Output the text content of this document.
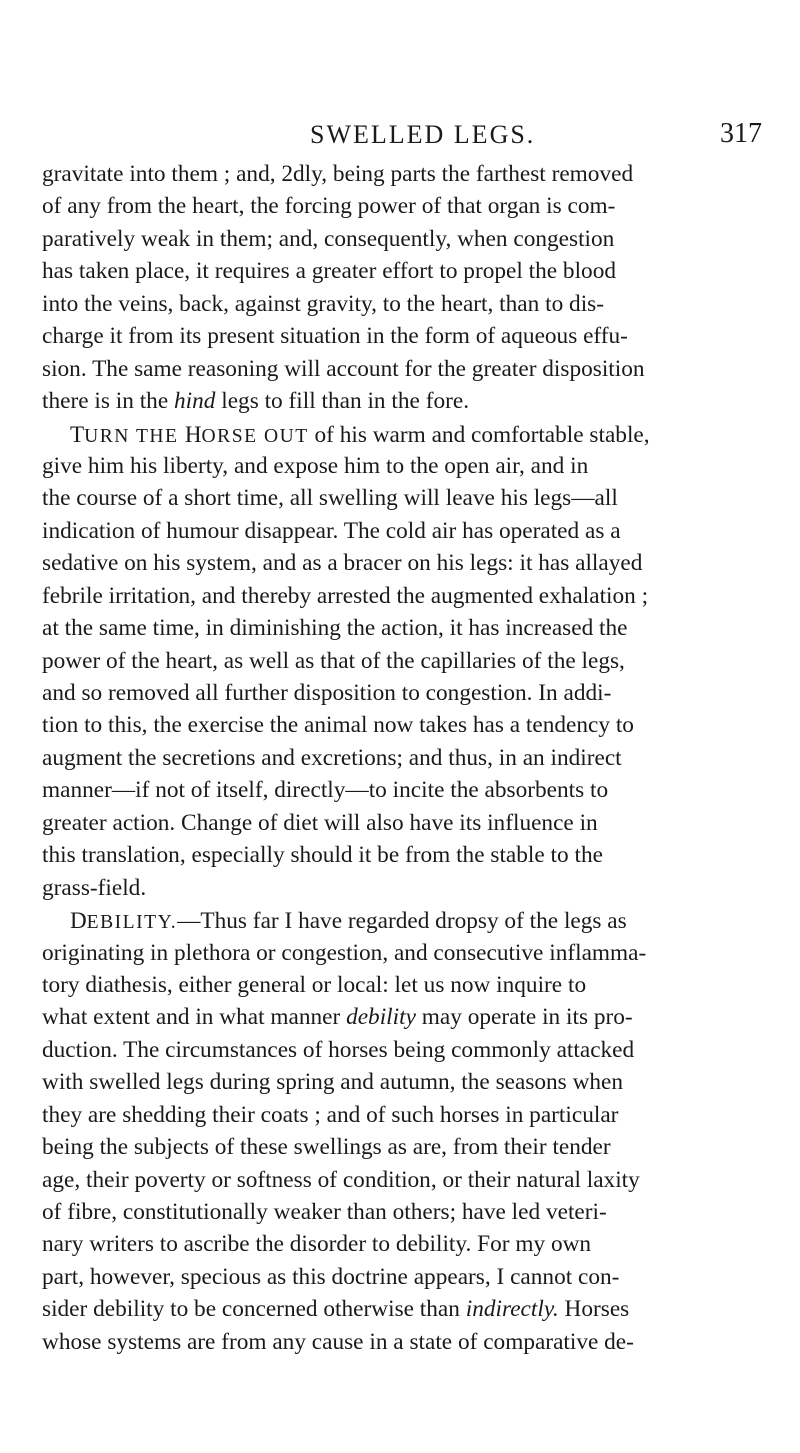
SWELLED LEGS.	317
gravitate into them ; and, 2dly, being parts the farthest removed
of any from the heart, the forcing power of that organ is com-
paratively weak in them; and, consequently, when congestion
has taken place, it requires a greater effort to propel the blood
into the veins, back, against gravity, to the heart, than to dis-
charge it from its present situation in the form of aqueous effu-
sion. The same reasoning will account for the greater disposition
there is in the hind legs to fill than in the fore.
TURN THE HORSE OUT of his warm and comfortable stable,
give him his liberty, and expose him to the open air, and in
the course of a short time, all swelling will leave his legs—all
indication of humour disappear. The cold air has operated as a
sedative on his system, and as a bracer on his legs: it has allayed
febrile irritation, and thereby arrested the augmented exhalation ;
at the same time, in diminishing the action, it has increased the
power of the heart, as well as that of the capillaries of the legs,
and so removed all further disposition to congestion. In addi-
tion to this, the exercise the animal now takes has a tendency to
augment the secretions and excretions; and thus, in an indirect
manner—if not of itself, directly—to incite the absorbents to
greater action. Change of diet will also have its influence in
this translation, especially should it be from the stable to the
grass-field.
DEBILITY.—Thus far I have regarded dropsy of the legs as
originating in plethora or congestion, and consecutive inflamma-
tory diathesis, either general or local: let us now inquire to
what extent and in what manner debility may operate in its pro-
duction. The circumstances of horses being commonly attacked
with swelled legs during spring and autumn, the seasons when
they are shedding their coats ; and of such horses in particular
being the subjects of these swellings as are, from their tender
age, their poverty or softness of condition, or their natural laxity
of fibre, constitutionally weaker than others; have led veteri-
nary writers to ascribe the disorder to debility. For my own
part, however, specious as this doctrine appears, I cannot con-
sider debility to be concerned otherwise than indirectly. Horses
whose systems are from any cause in a state of comparative de-
